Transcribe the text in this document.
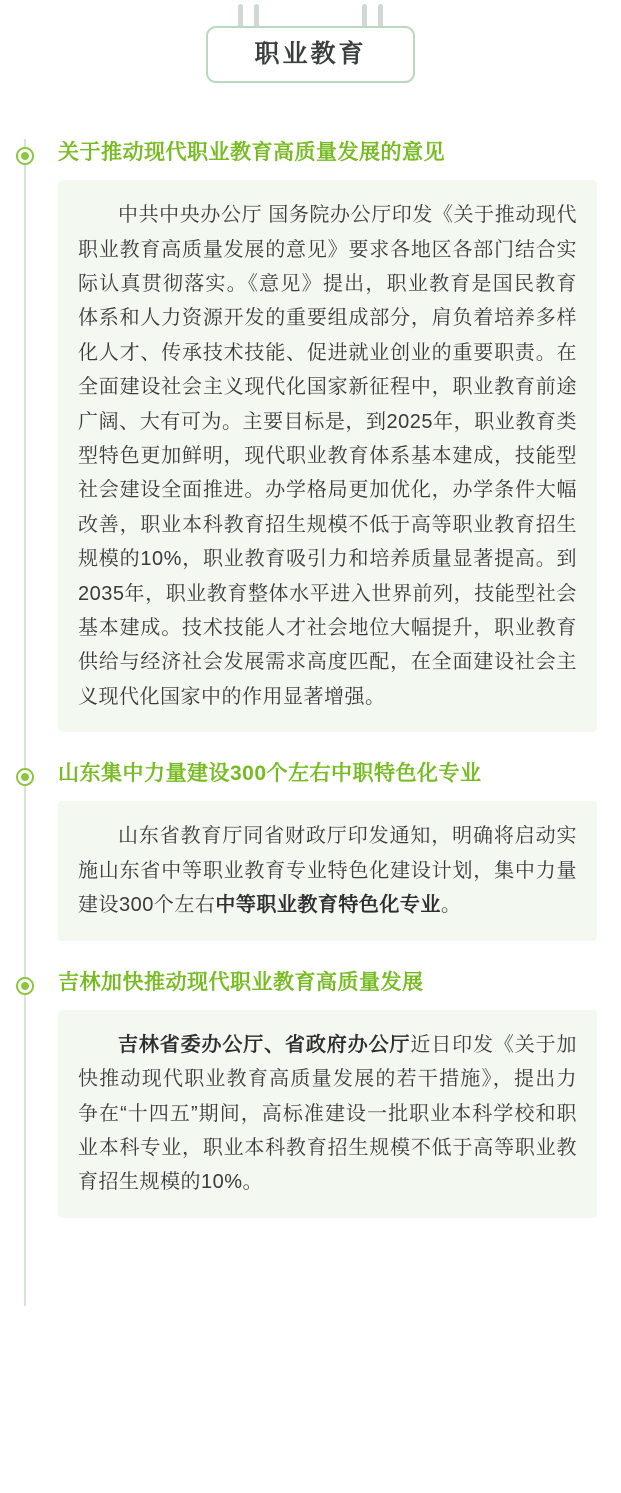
职业教育
关于推动现代职业教育高质量发展的意见

中共中央办公厅 国务院办公厅印发《关于推动现代职业教育高质量发展的意见》要求各地区各部门结合实际认真贯彻落实。《意见》提出，职业教育是国民教育体系和人力资源开发的重要组成部分，肩负着培养多样化人才、传承技术技能、促进就业创业的重要职责。在全面建设社会主义现代化国家新征程中，职业教育前途广阔、大有可为。主要目标是，到2025年，职业教育类型特色更加鲜明，现代职业教育体系基本建成，技能型社会建设全面推进。办学格局更加优化，办学条件大幅改善，职业本科教育招生规模不低于高等职业教育招生规模的10%，职业教育吸引力和培养质量显著提高。到2035年，职业教育整体水平进入世界前列，技能型社会基本建成。技术技能人才社会地位大幅提升，职业教育供给与经济社会发展需求高度匹配，在全面建设社会主义现代化国家中的作用显著增强。

山东集中力量建设300个左右中职特色化专业

山东省教育厅同省财政厅印发通知，明确将启动实施山东省中等职业教育专业特色化建设计划，集中力量建设300个左右中等职业教育特色化专业。

吉林加快推动现代职业教育高质量发展

吉林省委办公厅、省政府办公厅近日印发《关于加快推动现代职业教育高质量发展的若干措施》，提出力争在“十四五”期间，高标准建设一批职业本科学校和职业本科专业，职业本科教育招生规模不低于高等职业教育招生规模的10%。
